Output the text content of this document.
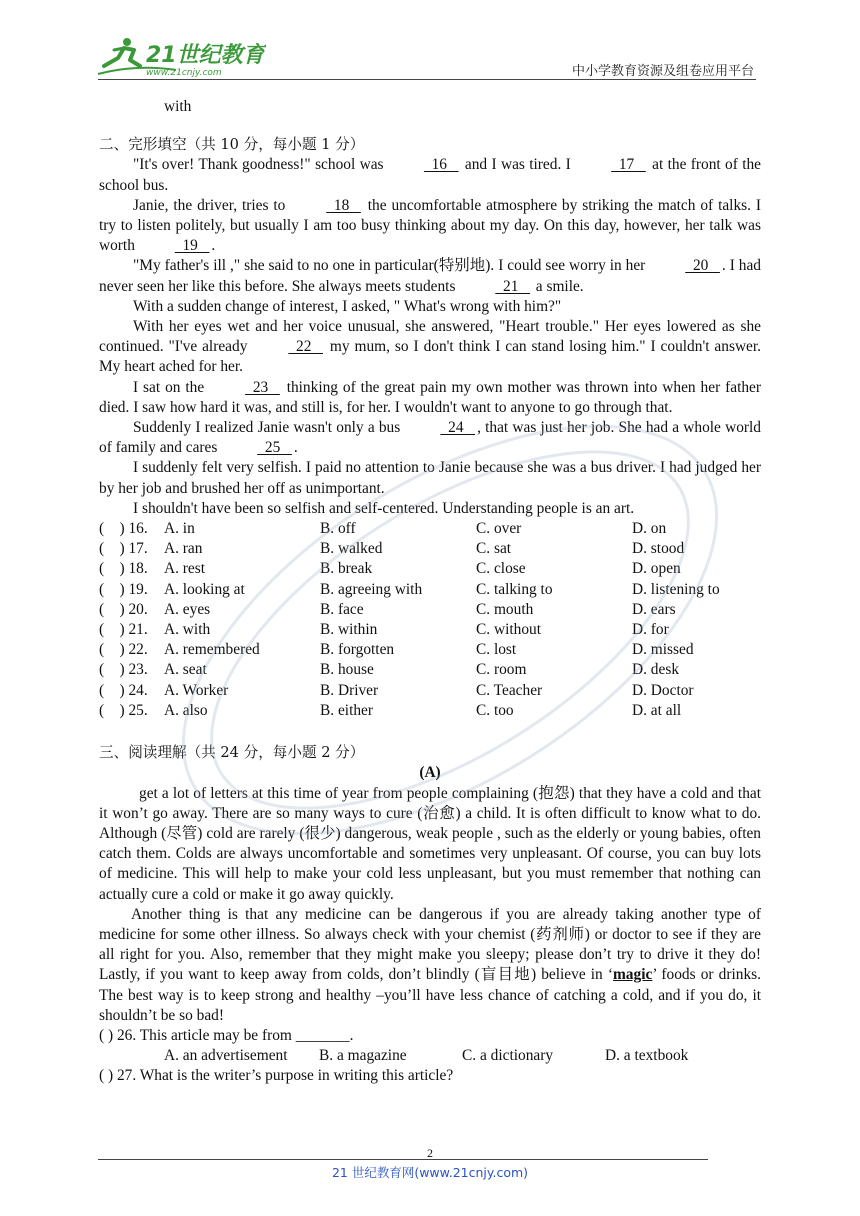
21世纪教育
www.21cnjy.com	中小学教育资源及组卷应用平台
with
二、完形填空（共 10 分，每小题 1 分）

"It's over! Thank goodness!" school was   16    and I was tired. I   17    at the front of the school bus.

Janie, the driver, tries to   18    the uncomfortable atmosphere by striking the match of talks. I try to listen politely, but usually I am too busy thinking about my day. On this day, however, her talk was worth   19   .

"My father's ill ," she said to no one in particular(特别地). I could see worry in her   20   . I had never seen her like this before. She always meets students   21    a smile.

With a sudden change of interest, I asked, " What's wrong with him?"

With her eyes wet and her voice unusual, she answered, "Heart trouble." Her eyes lowered as she continued. "I've already   22    my mum, so I don't think I can stand losing him." I couldn't answer. My heart ached for her.

I sat on the   23    thinking of the great pain my own mother was thrown into when her father died. I saw how hard it was, and still is, for her. I wouldn't want to anyone to go through that.

Suddenly I realized Janie wasn't only a bus   24   , that was just her job. She had a whole world of family and cares   25   .

I suddenly felt very selfish. I paid no attention to Janie because she was a bus driver. I had judged her by her job and brushed her off as unimportant.

I shouldn't have been so selfish and self-centered. Understanding people is an art.

(    ) 16.	A. in	B. off	C. over	D. on
(    ) 17.	A. ran	B. walked	C. sat	D. stood
(    ) 18.	A. rest	B. break	C. close	D. open
(    ) 19.	A. looking at	B. agreeing with	C. talking to	D. listening to
(    ) 20.	A. eyes	B. face	C. mouth	D. ears
(    ) 21.	A. with	B. within	C. without	D. for
(    ) 22.	A. remembered	B. forgotten	C. lost	D. missed
(    ) 23.	A. seat	B. house	C. room	D. desk
(    ) 24.	A. Worker	B. Driver	C. Teacher	D. Doctor
(    ) 25.	A. also	B. either	C. too	D. at all
三、阅读理解（共 24 分，每小题 2 分）
(A)

get a lot of letters at this time of year from people complaining (抱怨) that they have a cold and that it won’t go away. There are so many ways to cure (治愈) a child. It is often difficult to know what to do. Although (尽管) cold are rarely (很少) dangerous, weak people , such as the elderly or young babies, often catch them. Colds are always uncomfortable and sometimes very unpleasant. Of course, you can buy lots of medicine. This will help to make your cold less unpleasant, but you must remember that nothing can actually cure a cold or make it go away quickly.

Another thing is that any medicine can be dangerous if you are already taking another type of medicine for some other illness. So always check with your chemist (药剂师) or doctor to see if they are all right for you. Also, remember that they might make you sleepy; please don’t try to drive it they do! Lastly, if you want to keep away from colds, don’t blindly (盲目地) believe in ‘magic’ foods or drinks. The best way is to keep strong and healthy –you’ll have less chance of catching a cold, and if you do, it shouldn’t be so bad!

( ) 26. This article may be from _______.
A. an advertisement	B. a magazine	C. a dictionary	D. a textbook
( ) 27. What is the writer’s purpose in writing this article?
2
21 世纪教育网(www.21cnjy.com)
